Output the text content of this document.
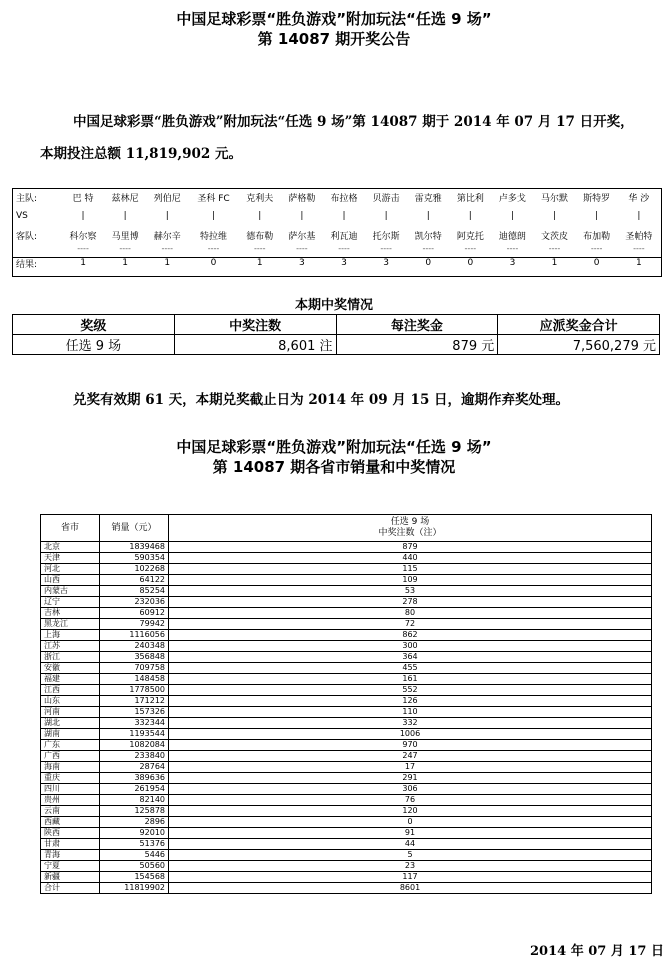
中国足球彩票“胜负游戏”附加玩法“任选 9 场”
第 14087 期开奖公告
中国足球彩票“胜负游戏”附加玩法“任选 9 场”第 14087 期于 2014 年 07 月 17 日开奖，
本期投注总额 11,819,902 元。
主队:	巴 特	兹林尼	列伯尼	圣科 FC	克利夫	萨格勒	布拉格	贝游击	雷克雅	第比利	卢多戈	马尔默	斯特罗	华 沙
VS	|	|	|	|	|	|	|	|	|	|	|	|	|	|
客队:	科尔察	马里博	赫尔辛	特拉维	德布勒	萨尔基	利瓦迪	托尔斯	凯尔特	阿克托	迪德朗	文茨皮	布加勒	圣帕特
	----	----	----	----	----	----	----	----	----	----	----	----	----	----
结果:	1	1	1	0	1	3	3	3	0	0	3	1	0	1
本期中奖情况
奖级	中奖注数	每注奖金	应派奖金合计
任选 9 场	8,601 注	879 元	7,560,279 元
兑奖有效期 61 天，本期兑奖截止日为 2014 年 09 月 15 日，逾期作弃奖处理。
中国足球彩票“胜负游戏”附加玩法“任选 9 场”
第 14087 期各省市销量和中奖情况
省市	销量（元）	任选 9 场
中奖注数（注）

北京	1839468	879
天津	590354	440
河北	102268	115
山西	64122	109
内蒙古	85254	53
辽宁	232036	278
吉林	60912	80
黑龙江	79942	72
上海	1116056	862
江苏	240348	300
浙江	356848	364
安徽	709758	455
福建	148458	161
江西	1778500	552
山东	171212	126
河南	157326	110
湖北	332344	332
湖南	1193544	1006
广东	1082084	970
广西	233840	247
海南	28764	17
重庆	389636	291
四川	261954	306
贵州	82140	76
云南	125878	120
西藏	2896	0
陕西	92010	91
甘肃	51376	44
青海	5446	5
宁夏	50560	23
新疆	154568	117
合计	11819902	8601
2014 年 07 月 17 日
